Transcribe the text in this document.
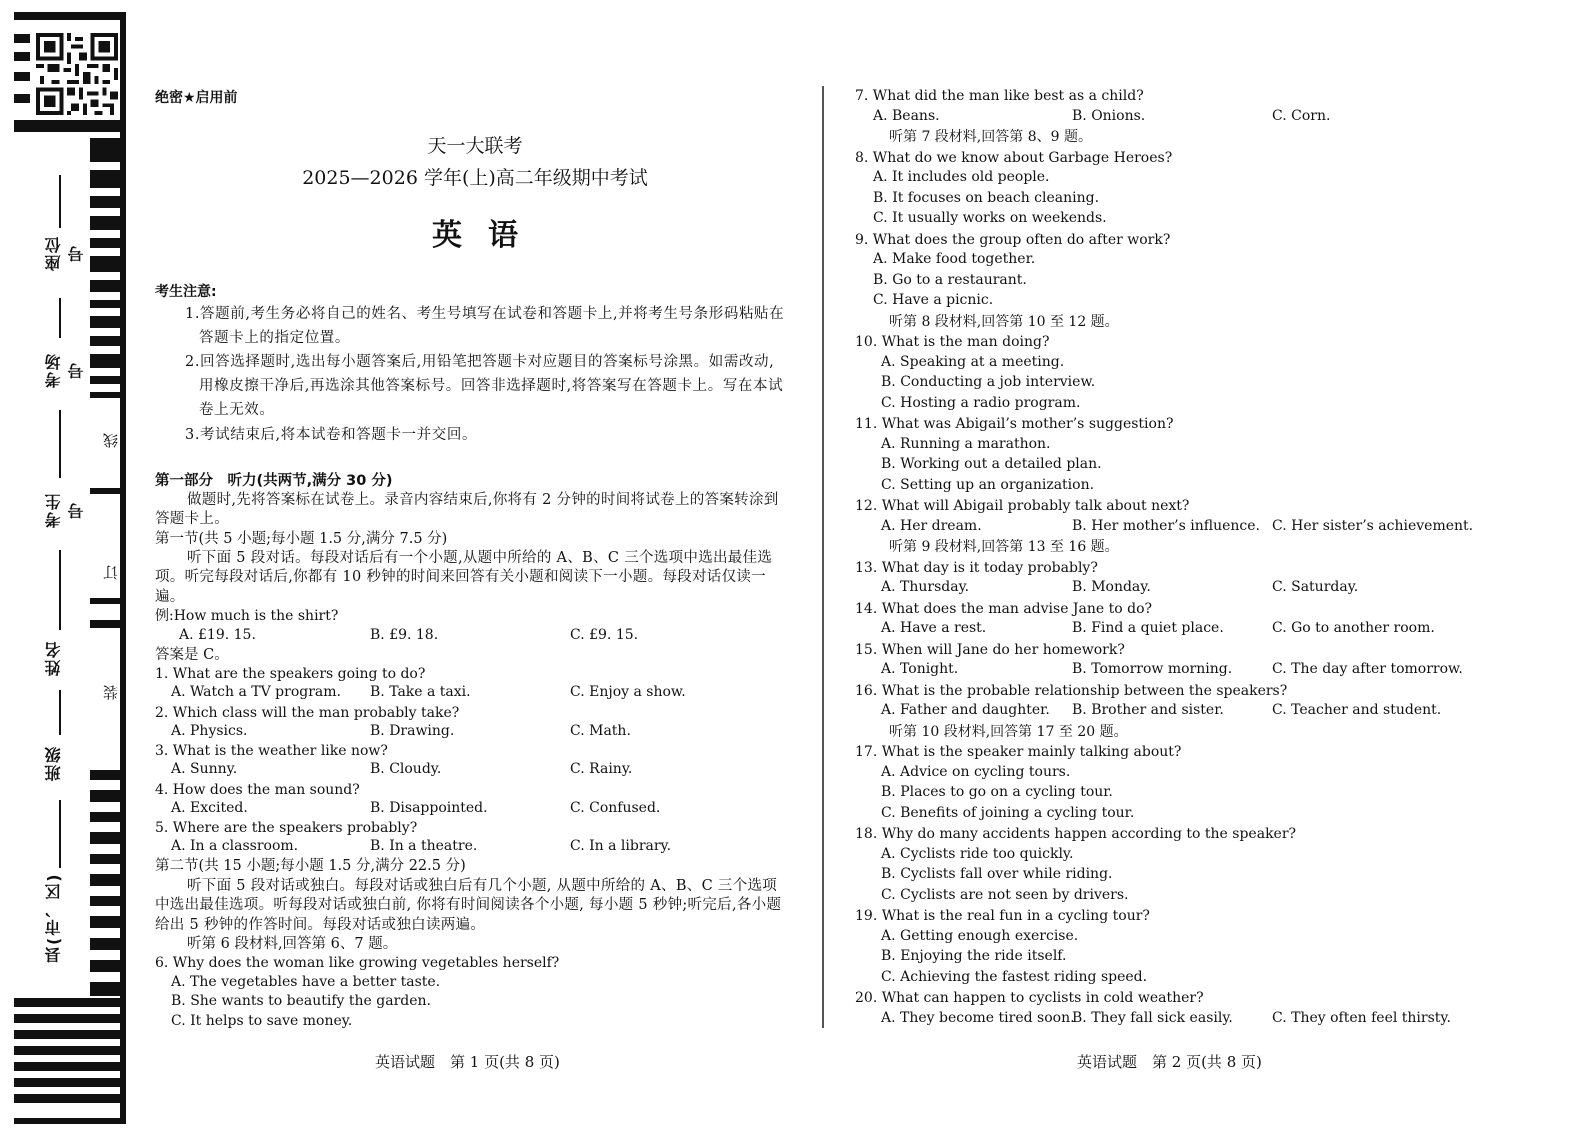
座位号
考场号
考生号
姓名
班级
县(市、区)
线
订
装
绝密★启用前
天一大联考
2025—2026 学年(上)高二年级期中考试
英语
考生注意:
1.答题前,考生务必将自己的姓名、考生号填写在试卷和答题卡上,并将考生号条形码粘贴在答题卡上的指定位置。
2.回答选择题时,选出每小题答案后,用铅笔把答题卡对应题目的答案标号涂黑。如需改动,用橡皮擦干净后,再选涂其他答案标号。回答非选择题时,将答案写在答题卡上。写在本试卷上无效。
3.考试结束后,将本试卷和答题卡一并交回。
第一部分　听力(共两节,满分 30 分)
做题时,先将答案标在试卷上。录音内容结束后,你将有 2 分钟的时间将试卷上的答案转涂到答题卡上。
第一节(共 5 小题;每小题 1.5 分,满分 7.5 分)
听下面 5 段对话。每段对话后有一个小题,从题中所给的 A、B、C 三个选项中选出最佳选项。听完每段对话后,你都有 10 秒钟的时间来回答有关小题和阅读下一小题。每段对话仅读一遍。
例:How much is the shirt?
A. £19. 15.	B. £9. 18.	C. £9. 15.
答案是 C。
1. What are the speakers going to do?
A. Watch a TV program. B. Take a taxi.	C. Enjoy a show.
2. Which class will the man probably take?
A. Physics.	B. Drawing.	C. Math.
3. What is the weather like now?
A. Sunny.	B. Cloudy.	C. Rainy.
4. How does the man sound?
A. Excited.	B. Disappointed.	C. Confused.
5. Where are the speakers probably?
A. In a classroom.	B. In a theatre.	C. In a library.
第二节(共 15 小题;每小题 1.5 分,满分 22.5 分)
听下面 5 段对话或独白。每段对话或独白后有几个小题, 从题中所给的 A、B、C 三个选项中选出最佳选项。听每段对话或独白前, 你将有时间阅读各个小题, 每小题 5 秒钟;听完后,各小题给出 5 秒钟的作答时间。每段对话或独白读两遍。
听第 6 段材料,回答第 6、7 题。
6. Why does the woman like growing vegetables herself?
A. The vegetables have a better taste.
B. She wants to beautify the garden.
C. It helps to save money.
英语试题　第 1 页(共 8 页)
7. What did the man like best as a child?
A. Beans.	B. Onions.	C. Corn.
听第 7 段材料,回答第 8、9 题。
8. What do we know about Garbage Heroes?
A. It includes old people.
B. It focuses on beach cleaning.
C. It usually works on weekends.
9. What does the group often do after work?
A. Make food together.
B. Go to a restaurant.
C. Have a picnic.
听第 8 段材料,回答第 10 至 12 题。
10. What is the man doing?
A. Speaking at a meeting.
B. Conducting a job interview.
C. Hosting a radio program.
11. What was Abigail’s mother’s suggestion?
A. Running a marathon.
B. Working out a detailed plan.
C. Setting up an organization.
12. What will Abigail probably talk about next?
A. Her dream.	B. Her mother’s influence. C. Her sister’s achievement.
听第 9 段材料,回答第 13 至 16 题。
13. What day is it today probably?
A. Thursday.	B. Monday.	C. Saturday.
14. What does the man advise Jane to do?
A. Have a rest.	B. Find a quiet place.	C. Go to another room.
15. When will Jane do her homework?
A. Tonight.	B. Tomorrow morning.	C. The day after tomorrow.
16. What is the probable relationship between the speakers?
A. Father and daughter. B. Brother and sister.	C. Teacher and student.
听第 10 段材料,回答第 17 至 20 题。
17. What is the speaker mainly talking about?
A. Advice on cycling tours.
B. Places to go on a cycling tour.
C. Benefits of joining a cycling tour.
18. Why do many accidents happen according to the speaker?
A. Cyclists ride too quickly.
B. Cyclists fall over while riding.
C. Cyclists are not seen by drivers.
19. What is the real fun in a cycling tour?
A. Getting enough exercise.
B. Enjoying the ride itself.
C. Achieving the fastest riding speed.
20. What can happen to cyclists in cold weather?
A. They become tired soon.
B. They fall sick easily.	C. They often feel thirsty.
英语试题　第 2 页(共 8 页)
